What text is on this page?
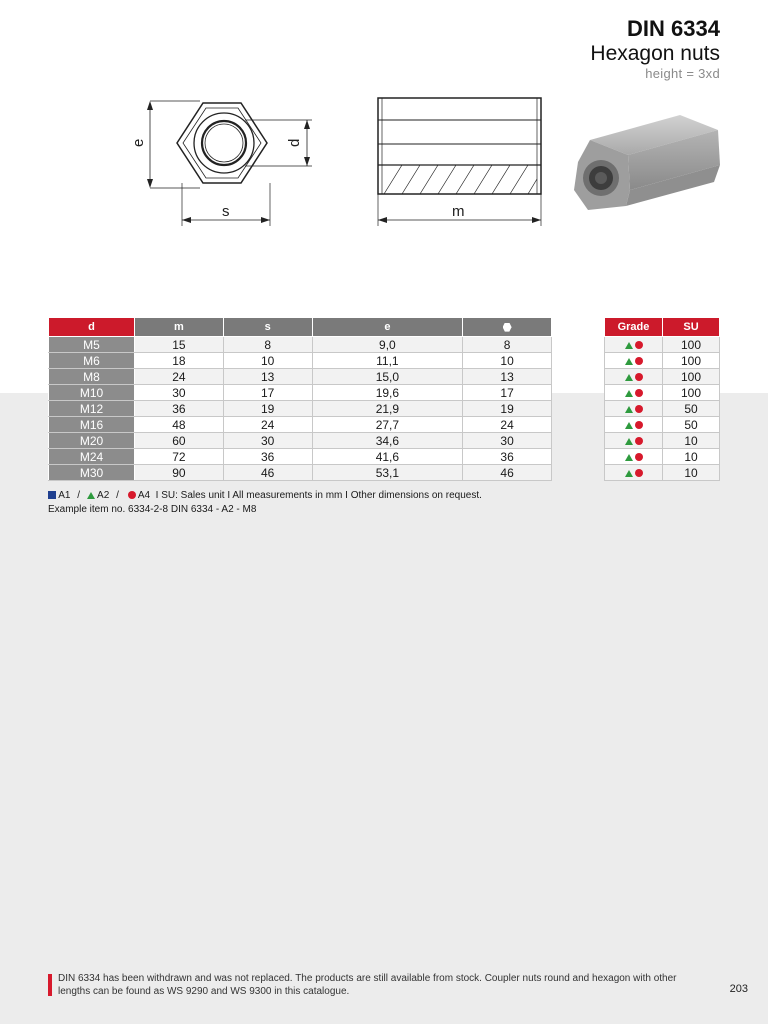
DIN 6334
Hexagon nuts
height = 3xd
e	d
s	m
d	m	s	e	
M5	15	8	9,0	8
M6	18	10	11,1	10
M8	24	13	15,0	13
M10	30	17	19,6	17
M12	36	19	21,9	19
M16	48	24	27,7	24
M20	60	30	34,6	30
M24	72	36	41,6	36
M30	90	46	53,1	46
Grade	SU
	100
	100
	100
	100
	50
	50
	10
	10
	10
A1 / A2 / A4 I SU: Sales unit I All measurements in mm I Other dimensions on request.
Example item no. 6334-2-8 DIN 6334 - A2 - M8
DIN 6334 has been withdrawn and was not replaced. The products are still available from stock. Coupler nuts round and hexagon with other
lengths can be found as WS 9290 and WS 9300 in this catalogue.	203
